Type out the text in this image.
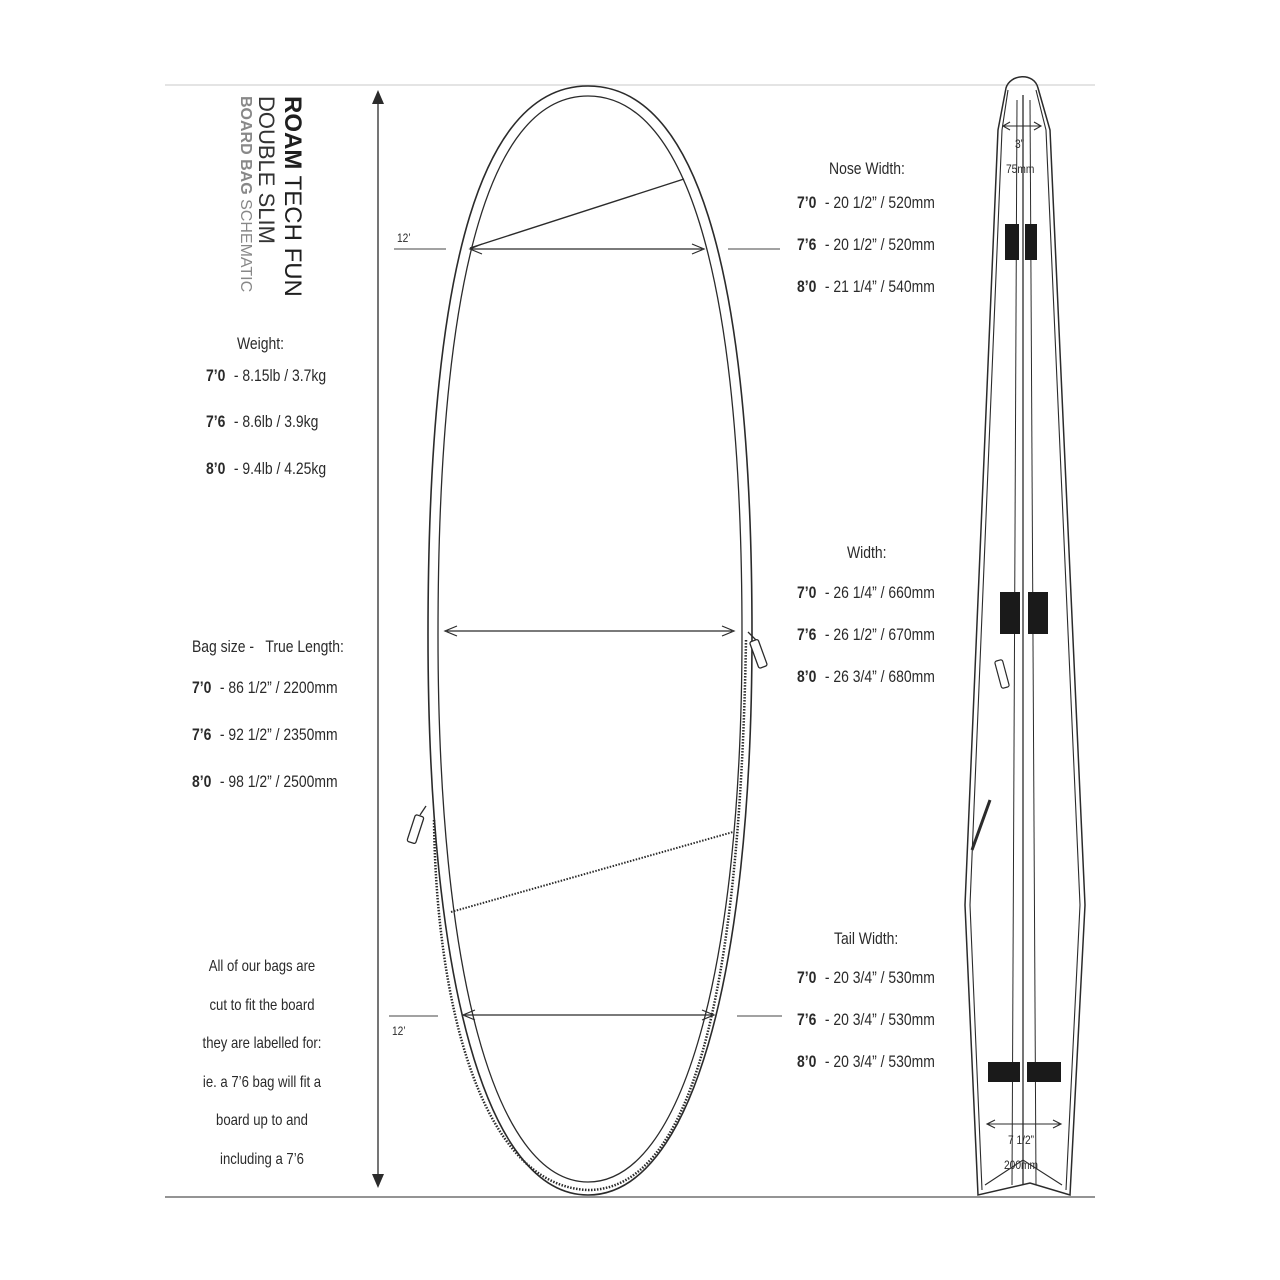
ROAM TECH FUN
DOUBLE SLIM
BOARD BAG SCHEMATIC
Weight:
7’0 - 8.15lb / 3.7kg
7’6 - 8.6lb / 3.9kg
8’0 - 9.4lb / 4.25kg
Bag size - True Length:
7’0 - 86 1/2” / 2200mm
7’6 - 92 1/2” / 2350mm
8’0 - 98 1/2” / 2500mm
All of our bags are
cut to fit the board
they are labelled for:
ie. a 7’6 bag will fit a
board up to and
including a 7’6
Nose Width:
7’0 - 20 1/2” / 520mm
7’6 - 20 1/2” / 520mm
8’0 - 21 1/4” / 540mm
Width:
7’0 - 26 1/4” / 660mm
7’6 - 26 1/2” / 670mm
8’0 - 26 3/4” / 680mm
Tail Width:
7’0 - 20 3/4” / 530mm
7’6 - 20 3/4” / 530mm
8’0 - 20 3/4” / 530mm
12’
12’
3”
75mm
7 1/2”
200mm
